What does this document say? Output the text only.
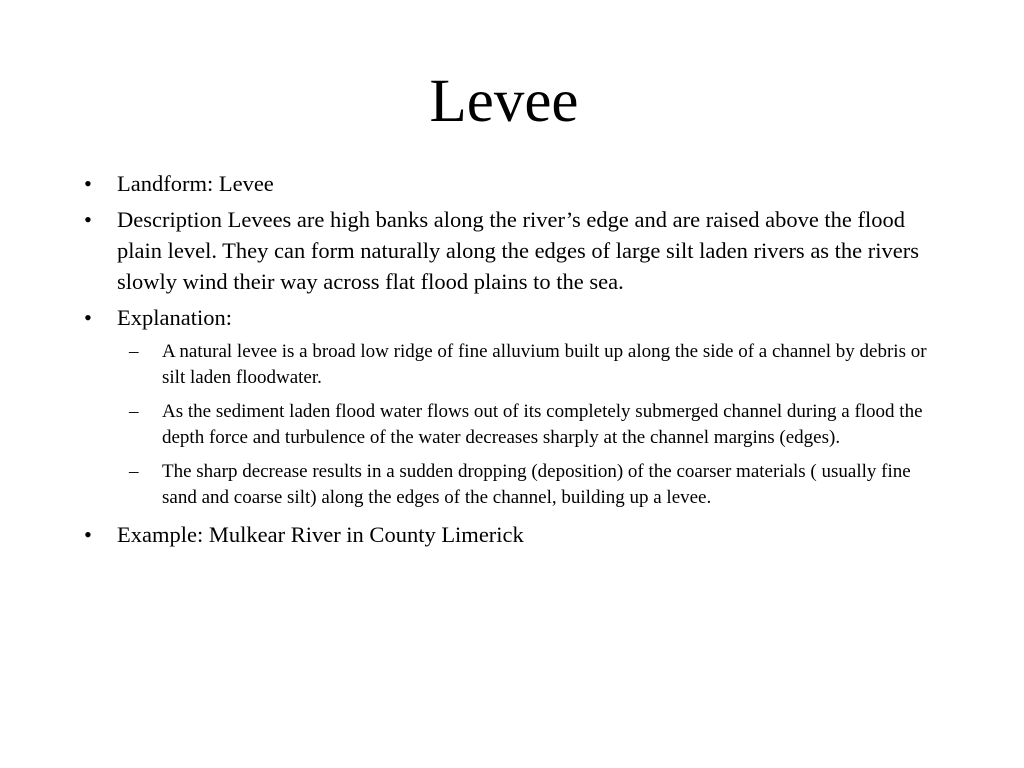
Levee
• Landform: Levee
• Description Levees are high banks along the river’s edge and are raised above the flood plain level. They can form naturally along the edges of large silt laden rivers as the rivers slowly wind their way across flat flood plains to the sea.
• Explanation:
– A natural levee is a broad low ridge of fine alluvium built up along the side of a channel by debris or silt laden floodwater.
– As the sediment laden flood water flows out of its completely submerged channel during a flood the depth force and turbulence of the water decreases sharply at the channel margins (edges).
– The sharp decrease results in a sudden dropping (deposition) of the coarser materials ( usually fine sand and coarse silt) along the edges of the channel, building up a levee.
• Example: Mulkear River in County Limerick
